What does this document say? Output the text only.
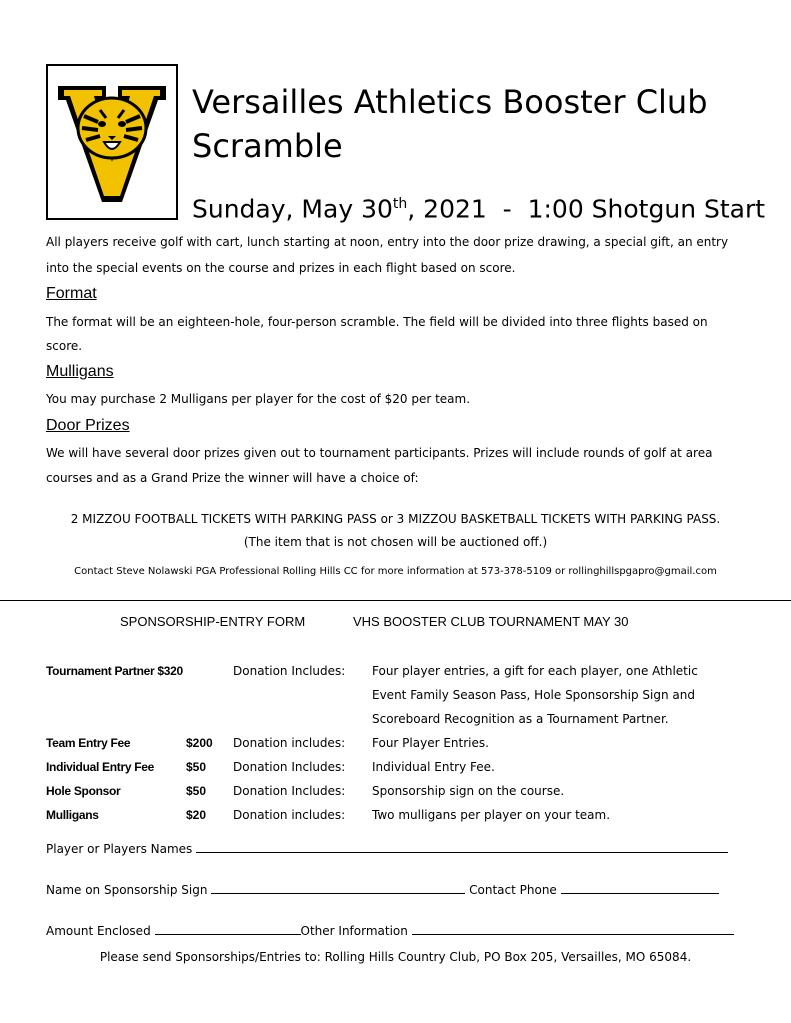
Versailles Athletics Booster Club Scramble
Sunday, May 30th, 2021  -  1:00 Shotgun Start
All players receive golf with cart, lunch starting at noon, entry into the door prize drawing, a special gift, an entry
into the special events on the course and prizes in each flight based on score.
Format
The format will be an eighteen-hole, four-person scramble. The field will be divided into three flights based on
score.
Mulligans
You may purchase 2 Mulligans per player for the cost of $20 per team.
Door Prizes
We will have several door prizes given out to tournament participants. Prizes will include rounds of golf at area
courses and as a Grand Prize the winner will have a choice of:
2 MIZZOU FOOTBALL TICKETS WITH PARKING PASS or 3 MIZZOU BASKETBALL TICKETS WITH PARKING PASS.
(The item that is not chosen will be auctioned off.)
Contact Steve Nolawski PGA Professional Rolling Hills CC for more information at 573-378-5109 or rollinghillspgapro@gmail.com
SPONSORSHIP-ENTRY FORM	VHS BOOSTER CLUB TOURNAMENT MAY 30
Tournament Partner $320	Donation Includes: Four player entries, a gift for each player, one Athletic
Event Family Season Pass, Hole Sponsorship Sign and
Scoreboard Recognition as a Tournament Partner.
Team Entry Fee	$200 Donation includes: Four Player Entries.
Individual Entry Fee	$50 Donation Includes: Individual Entry Fee.
Hole Sponsor	$50 Donation Includes: Sponsorship sign on the course.
Mulligans	$20 Donation includes: Two mulligans per player on your team.
Player or Players Names
Name on Sponsorship Sign	Contact Phone
Amount Enclosed	Other Information
Please send Sponsorships/Entries to: Rolling Hills Country Club, PO Box 205, Versailles, MO 65084.
